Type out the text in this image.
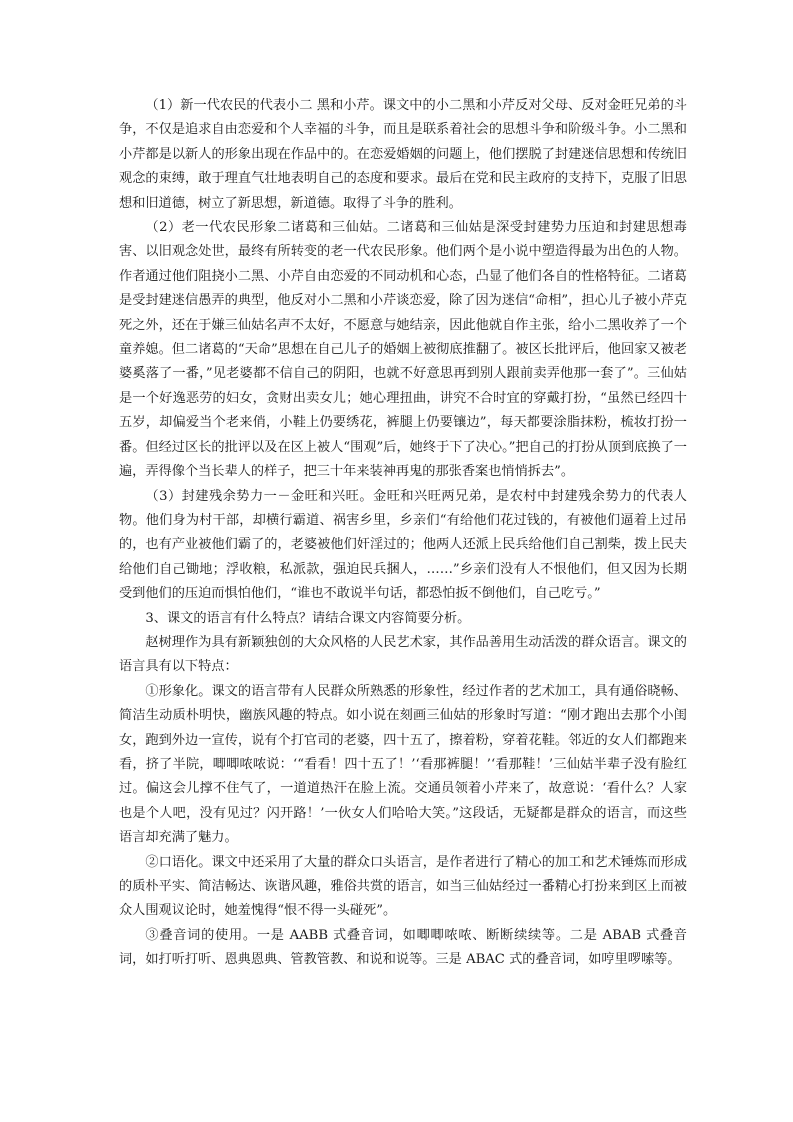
（1）新一代农民的代表小二 黑和小芹。课文中的小二黑和小芹反对父母、反对金旺兄弟的斗争，不仅是追求自由恋爱和个人幸福的斗争，而且是联系着社会的思想斗争和阶级斗争。小二黑和小芹都是以新人的形象出现在作品中的。在恋爱婚姻的问题上，他们摆脱了封建迷信思想和传统旧观念的束缚，敢于理直气壮地表明自己的态度和要求。最后在党和民主政府的支持下，克服了旧思想和旧道德，树立了新思想，新道德。取得了斗争的胜利。

（2）老一代农民形象二诸葛和三仙姑。二诸葛和三仙姑是深受封建势力压迫和封建思想毒害、以旧观念处世，最终有所转变的老一代农民形象。他们两个是小说中塑造得最为出色的人物。作者通过他们阻挠小二黑、小芹自由恋爱的不同动机和心态，凸显了他们各自的性格特征。二诸葛是受封建迷信愚弄的典型，他反对小二黑和小芹谈恋爱，除了因为迷信“命相”，担心儿子被小芹克死之外，还在于嫌三仙姑名声不太好，不愿意与她结亲，因此他就自作主张，给小二黑收养了一个童养媳。但二诸葛的“天命”思想在自己儿子的婚姻上被彻底推翻了。被区长批评后，他回家又被老婆奚落了一番，”见老婆都不信自己的阴阳，也就不好意思再到别人跟前卖弄他那一套了”。三仙姑是一个好逸恶劳的妇女，贪财出卖女儿；她心理扭曲，讲究不合时宜的穿戴打扮，“虽然已经四十五岁，却偏爱当个老来俏，小鞋上仍要绣花，裤腿上仍要镶边”，每天都要涂脂抹粉，梳妆打扮一番。但经过区长的批评以及在区上被人“围观”后，她终于下了决心。”把自己的打扮从顶到底换了一遍，弄得像个当长辈人的样子，把三十年来装神再鬼的那张香案也悄悄拆去”。

（3）封建残余势力一－金旺和兴旺。金旺和兴旺两兄弟，是农村中封建残余势力的代表人物。他们身为村干部，却横行霸道、祸害乡里，乡亲们“有给他们花过钱的，有被他们逼着上过吊的，也有产业被他们霸了的，老婆被他们奸淫过的；他两人还派上民兵给他们自己割柴，拨上民夫给他们自己锄地；浮收粮，私派款，强迫民兵捆人，……”乡亲们没有人不恨他们，但又因为长期受到他们的压迫而惧怕他们，“谁也不敢说半句话，都恐怕扳不倒他们，自己吃亏。”

3、课文的语言有什么特点？请结合课文内容简要分析。

赵树理作为具有新颖独创的大众风格的人民艺术家，其作品善用生动活泼的群众语言。课文的语言具有以下特点：

①形象化。课文的语言带有人民群众所熟悉的形象性，经过作者的艺术加工，具有通俗晓畅、简洁生动质朴明快，幽族风趣的特点。如小说在刻画三仙姑的形象时写道：“刚才跑出去那个小闺女，跑到外边一宣传，说有个打官司的老婆，四十五了，擦着粉，穿着花鞋。邻近的女人们都跑来看，挤了半院，唧唧哝哝说：‘“看看！四十五了！’‘看那裤腿！’‘看那鞋！’三仙姑半辈子没有脸红过。偏这会儿撑不住气了，一道道热汗在脸上流。交通员领着小芹来了，故意说：‘看什么？人家也是个人吧，没有见过？闪开路！’一伙女人们哈哈大笑。”这段话，无疑都是群众的语言，而这些语言却充满了魅力。

②口语化。课文中还采用了大量的群众口头语言，是作者进行了精心的加工和艺术锤炼而形成的质朴平实、简洁畅达、诙谐风趣，雅俗共赏的语言，如当三仙姑经过一番精心打扮来到区上而被众人围观议论时，她羞愧得“恨不得一头碰死”。

③叠音词的使用。一是 AABB 式叠音词，如唧唧哝哝、断断续续等。二是 ABAB 式叠音词，如打听打听、恩典恩典、管教管教、和说和说等。三是 ABAC 式的叠音词，如哼里啰嗦等。
